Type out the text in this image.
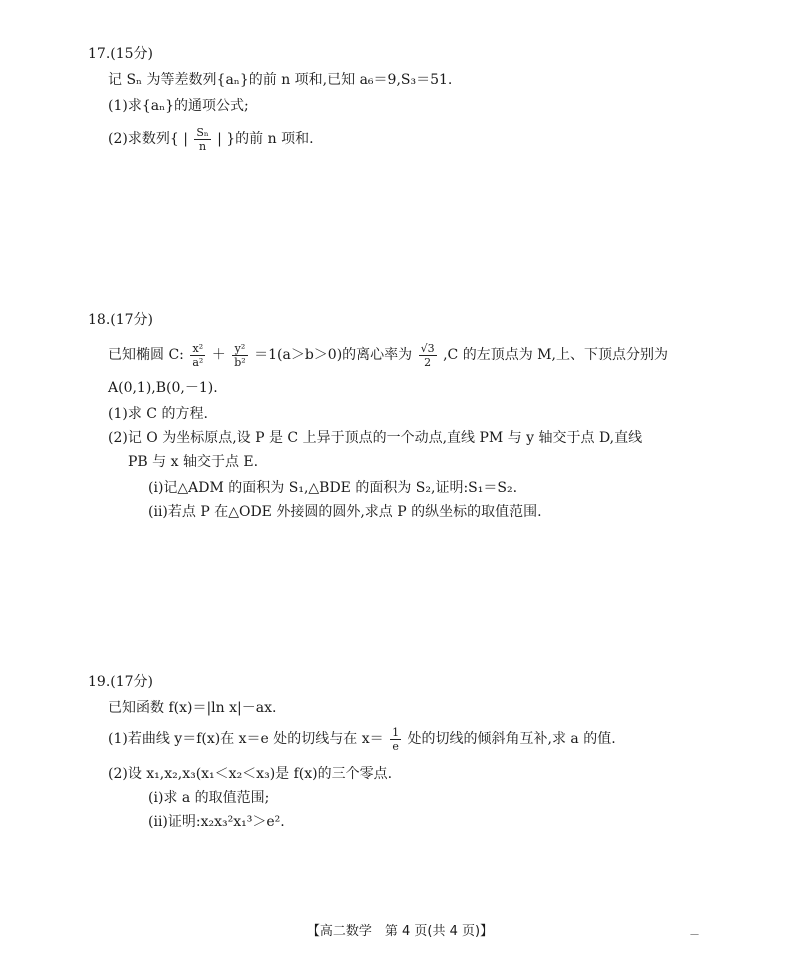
17.(15分)
记 Sₙ 为等差数列{aₙ}的前 n 项和,已知 a₆＝9,S₃＝51.
(1)求{aₙ}的通项公式;
(2)求数列{ | $\frac{\text{Sₙ}}{n}$ | }的前 n 项和.
18.(17分)
已知椭圆 C: $\frac{\text{x²}}{\text{a²}} + \frac{\text{y²}}{\text{b²}} =1(a>b>0)$的离心率为 $\frac{√3}{2} ,C$ 的左顶点为 M,上、下顶点分别为
A(0,1),B(0,－1).
(1)求 C 的方程.
(2)记 O 为坐标原点,设 P 是 C 上异于顶点的一个动点,直线 PM 与 y 轴交于点 D,直线
PB 与 x 轴交于点 E.
(ⅰ)记△ADM 的面积为 S₁,△BDE 的面积为 S₂,证明:S₁＝S₂.
(ⅱ)若点 P 在△ODE 外接圆的圆外,求点 P 的纵坐标的取值范围.
19.(17分)
已知函数 f(x)＝|ln x|－ax.
(1)若曲线 y＝f(x)在 x＝e 处的切线与在 $x= \frac{1}{e}$ 处的切线的倾斜角互补,求 a 的值.
(2)设 x₁,x₂,x₃(x₁＜x₂＜x₃)是 f(x)的三个零点.
(ⅰ)求 a 的取值范围;
(ⅱ)证明:x₂x₃²x₁³＞e².
【高二数学　第 4 页(共 4 页)】	—
